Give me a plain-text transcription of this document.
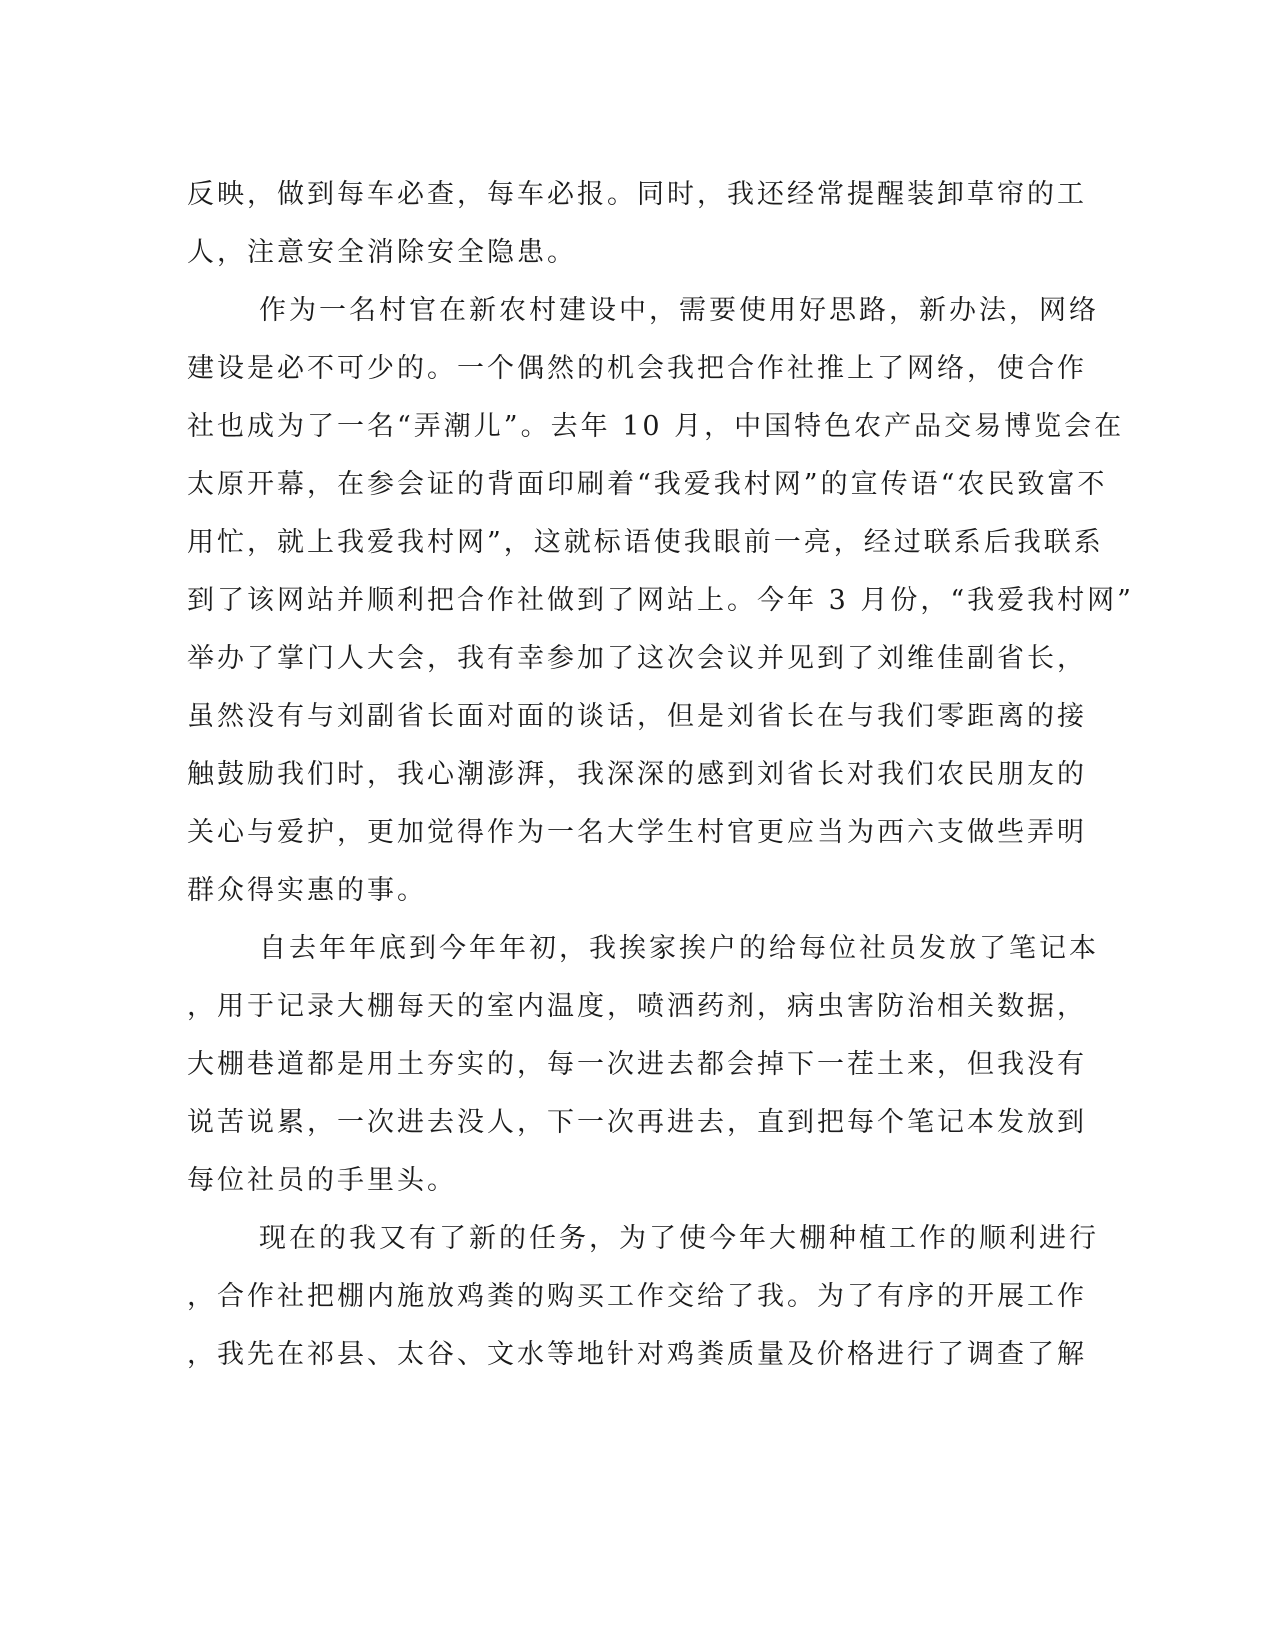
反映，做到每车必查，每车必报。同时，我还经常提醒装卸草帘的工
人，注意安全消除安全隐患。
作为一名村官在新农村建设中，需要使用好思路，新办法，网络
建设是必不可少的。一个偶然的机会我把合作社推上了网络，使合作
社也成为了一名“弄潮儿”。去年 10 月，中国特色农产品交易博览会在
太原开幕，在参会证的背面印刷着“我爱我村网”的宣传语“农民致富不
用忙，就上我爱我村网”，这就标语使我眼前一亮，经过联系后我联系
到了该网站并顺利把合作社做到了网站上。今年 3 月份，“我爱我村网”
举办了掌门人大会，我有幸参加了这次会议并见到了刘维佳副省长，
虽然没有与刘副省长面对面的谈话，但是刘省长在与我们零距离的接
触鼓励我们时，我心潮澎湃，我深深的感到刘省长对我们农民朋友的
关心与爱护，更加觉得作为一名大学生村官更应当为西六支做些弄明
群众得实惠的事。
自去年年底到今年年初，我挨家挨户的给每位社员发放了笔记本
，用于记录大棚每天的室内温度，喷洒药剂，病虫害防治相关数据，
大棚巷道都是用土夯实的，每一次进去都会掉下一茬土来，但我没有
说苦说累，一次进去没人，下一次再进去，直到把每个笔记本发放到
每位社员的手里头。
现在的我又有了新的任务，为了使今年大棚种植工作的顺利进行
，合作社把棚内施放鸡粪的购买工作交给了我。为了有序的开展工作
，我先在祁县、太谷、文水等地针对鸡粪质量及价格进行了调查了解
